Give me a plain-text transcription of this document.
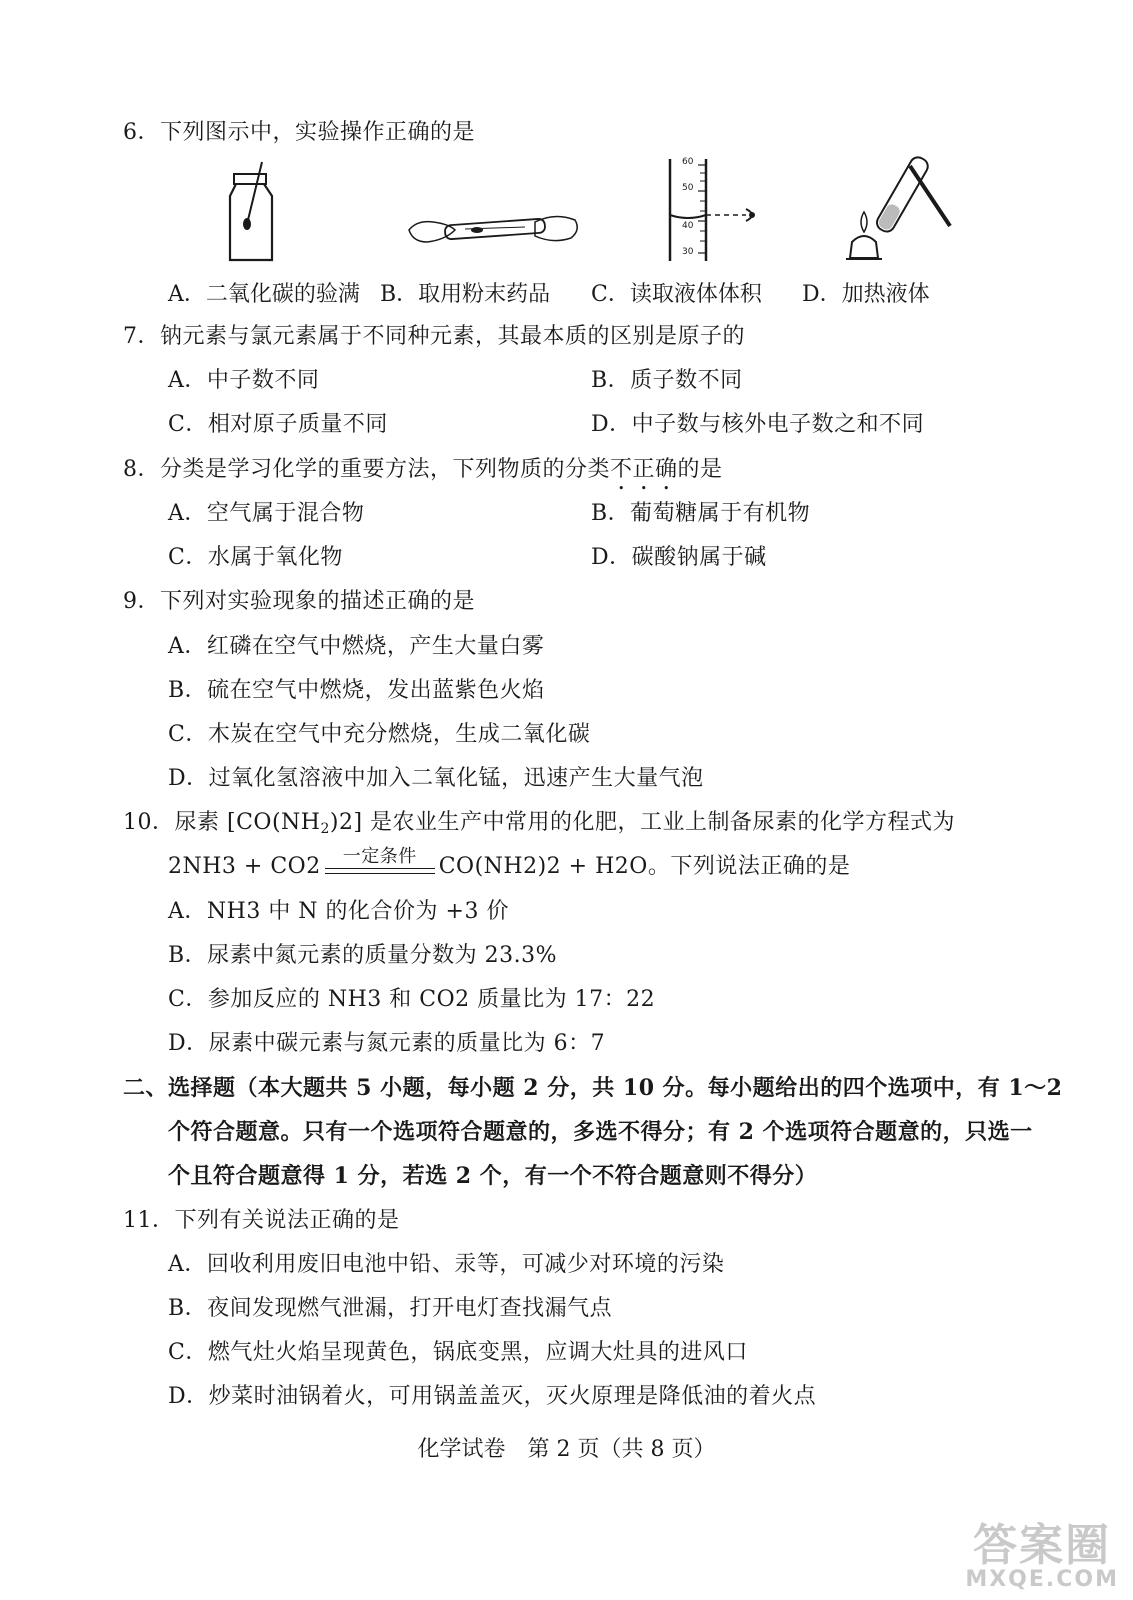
6．下列图示中，实验操作正确的是
60
50
40
30
A．二氧化碳的验满 B．取用粉末药品 C．读取液体体积 D．加热液体
7．钠元素与氯元素属于不同种元素，其最本质的区别是原子的
A．中子数不同	B．质子数不同
C．相对原子质量不同	D．中子数与核外电子数之和不同
8．分类是学习化学的重要方法，下列物质的分类不正确的是
A．空气属于混合物	B．葡萄糖属于有机物
C．水属于氧化物	D．碳酸钠属于碱
9．下列对实验现象的描述正确的是
A．红磷在空气中燃烧，产生大量白雾
B．硫在空气中燃烧，发出蓝紫色火焰
C．木炭在空气中充分燃烧，生成二氧化碳
D．过氧化氢溶液中加入二氧化锰，迅速产生大量气泡
10．尿素 $[CO(NH_2)2]$ 是农业生产中常用的化肥，工业上制备尿素的化学方程式为
2NH3 + CO2	一定条件	CO(NH2)2 + H2O。下列说法正确的是
A．NH3 中 N 的化合价为 +3 价
B．尿素中氮元素的质量分数为 23.3%
C．参加反应的 NH3 和 CO2 质量比为 17：22
D．尿素中碳元素与氮元素的质量比为 6：7
二、选择题（本大题共 5 小题，每小题 2 分，共 10 分。每小题给出的四个选项中，有 1～2
个符合题意。只有一个选项符合题意的，多选不得分；有 2 个选项符合题意的，只选一
个且符合题意得 1 分，若选 2 个，有一个不符合题意则不得分）
11．下列有关说法正确的是
A．回收利用废旧电池中铅、汞等，可减少对环境的污染
B．夜间发现燃气泄漏，打开电灯查找漏气点
C．燃气灶火焰呈现黄色，锅底变黑，应调大灶具的进风口
D．炒菜时油锅着火，可用锅盖盖灭，灭火原理是降低油的着火点
化学试卷　第 2 页（共 8 页）
答案圈
MXQE.COM
